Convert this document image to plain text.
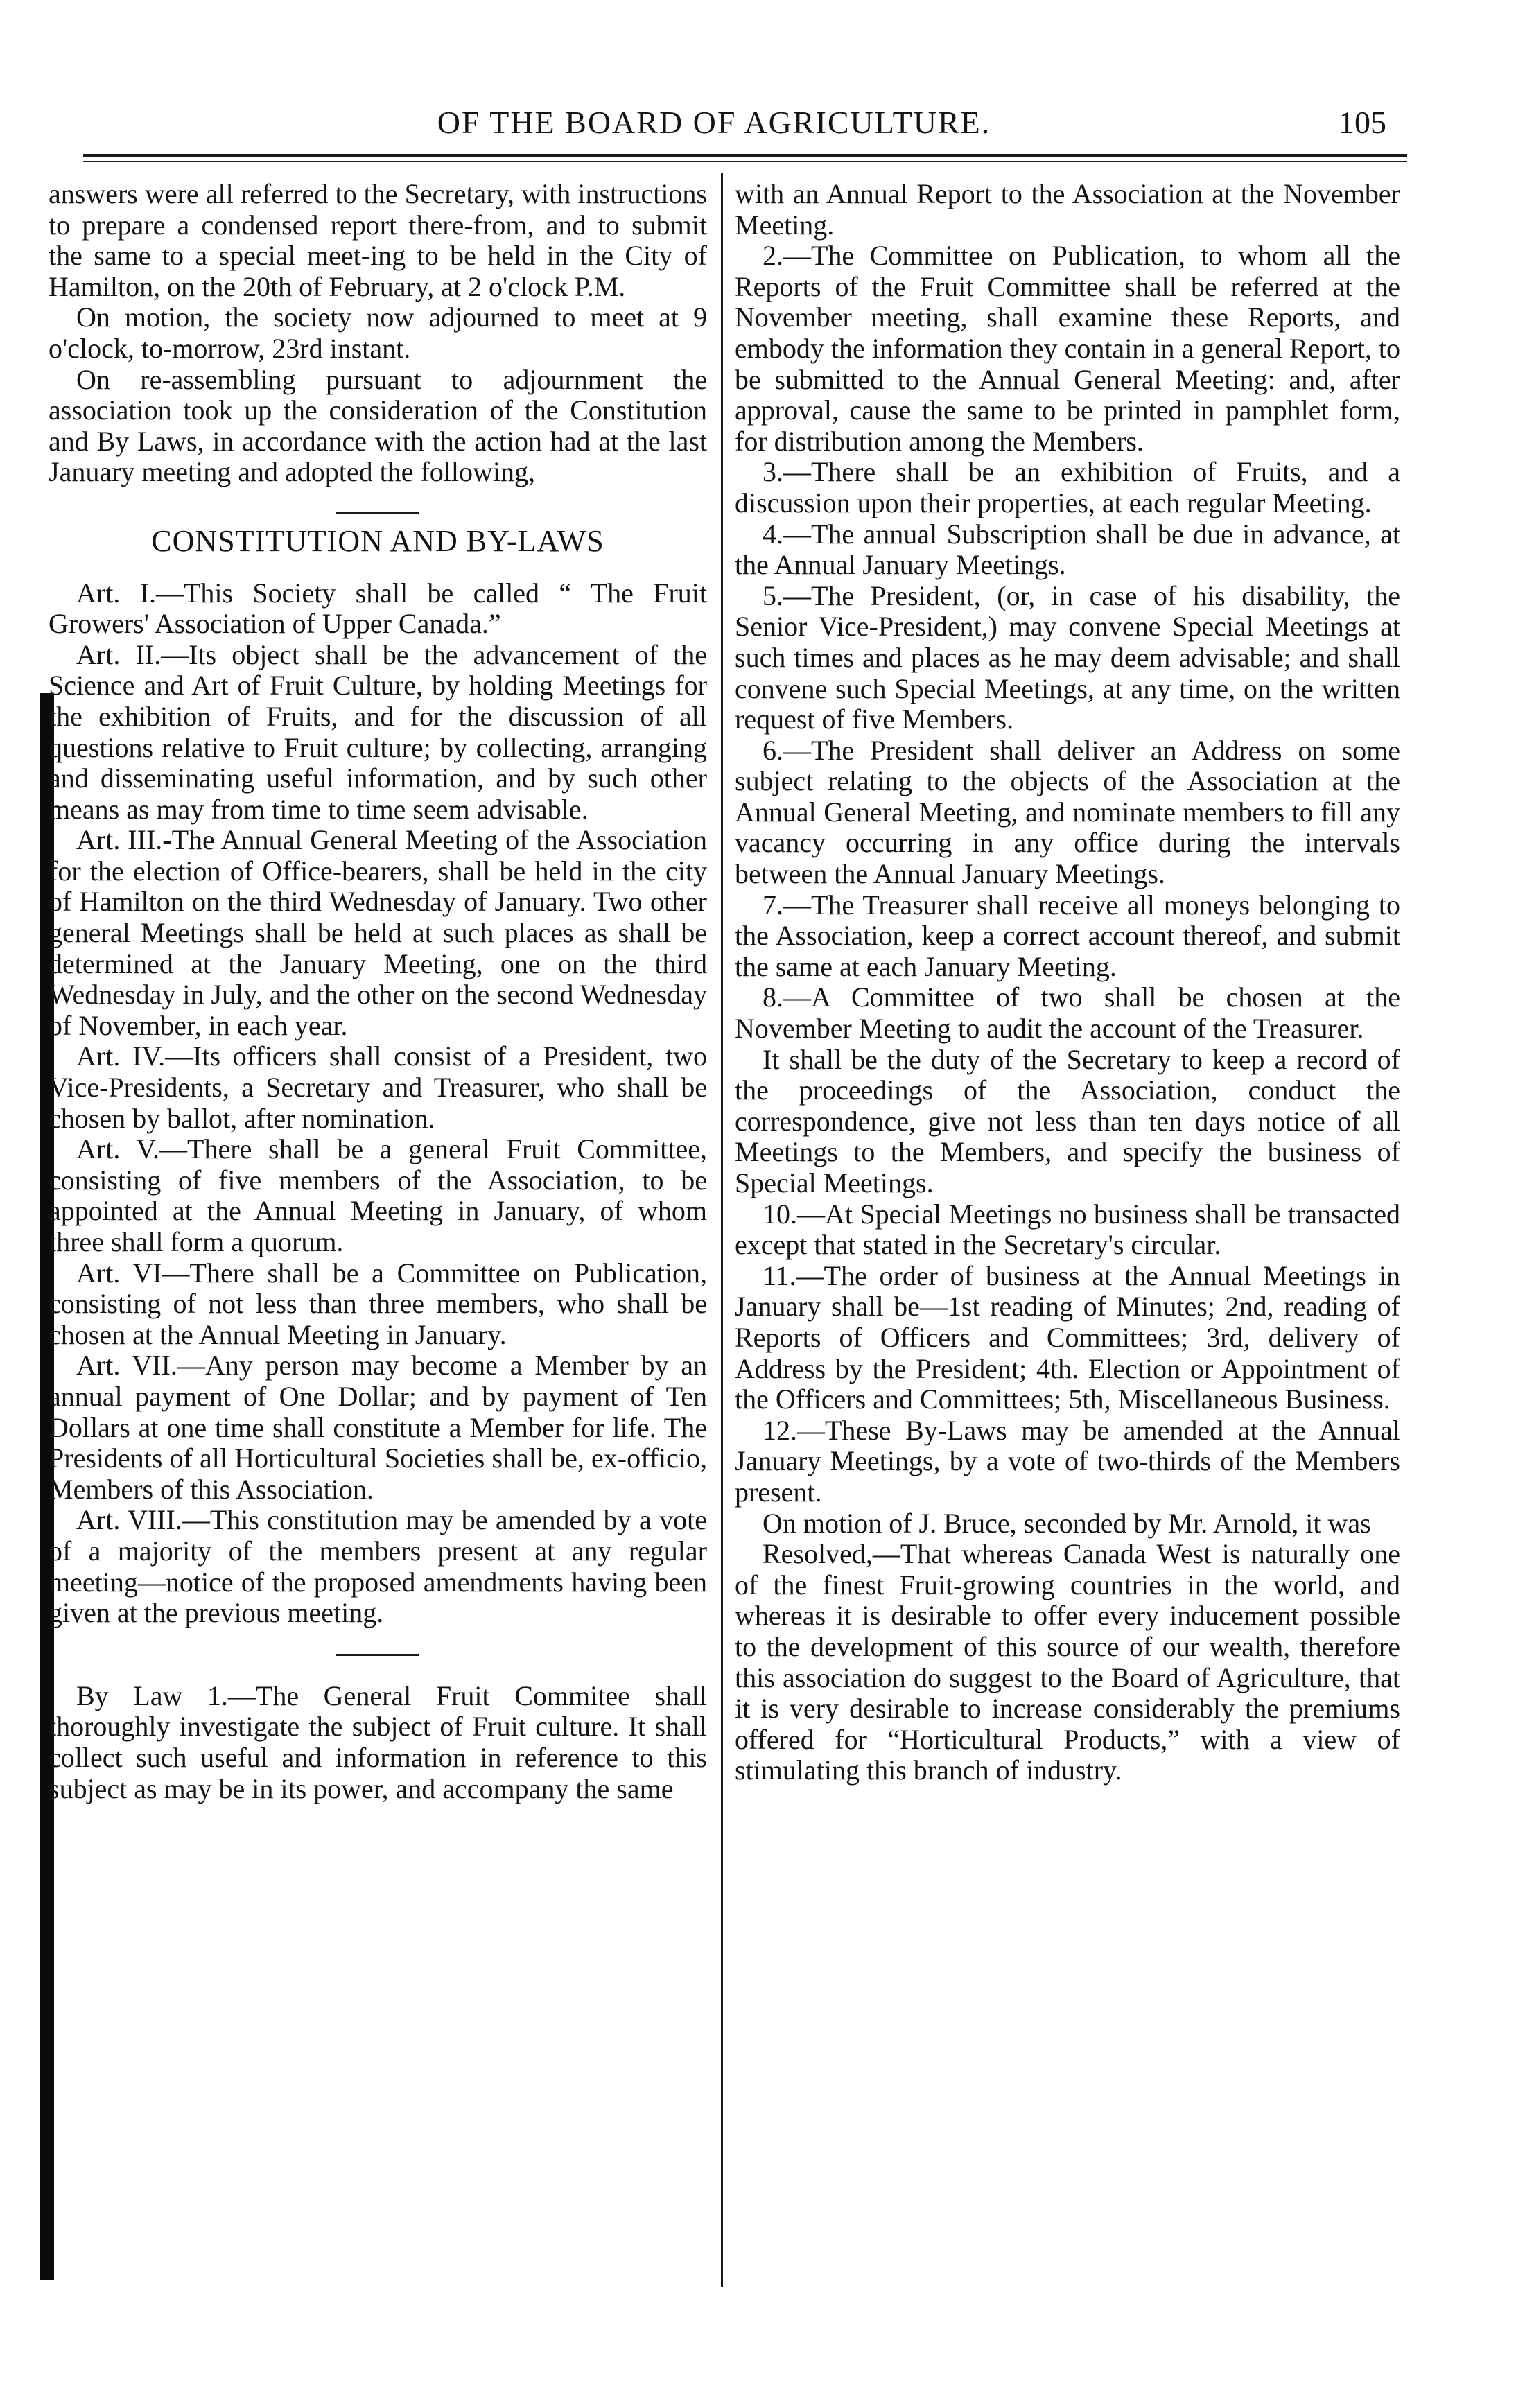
OF THE BOARD OF AGRICULTURE.	105

answers were all referred to the Secretary, with instructions to prepare a condensed report there-from, and to submit the same to a special meet-ing to be held in the City of Hamilton, on the 20th of February, at 2 o'clock P.M.

On motion, the society now adjourned to meet at 9 o'clock, to-morrow, 23rd instant.

On re-assembling pursuant to adjournment the association took up the consideration of the Constitution and By Laws, in accordance with the action had at the last January meeting and adopted the following,

CONSTITUTION AND BY-LAWS

Art. I.—This Society shall be called “ The Fruit Growers' Association of Upper Canada.”

Art. II.—Its object shall be the advancement of the Science and Art of Fruit Culture, by holding Meetings for the exhibition of Fruits, and for the discussion of all questions relative to Fruit culture; by collecting, arranging and disseminating useful information, and by such other means as may from time to time seem advisable.

Art. III.-The Annual General Meeting of the Association for the election of Office-bearers, shall be held in the city of Hamilton on the third Wednesday of January. Two other general Meetings shall be held at such places as shall be determined at the January Meeting, one on the third Wednesday in July, and the other on the second Wednesday of November, in each year.

Art. IV.—Its officers shall consist of a President, two Vice-Presidents, a Secretary and Treasurer, who shall be chosen by ballot, after nomination.

Art. V.—There shall be a general Fruit Committee, consisting of five members of the Association, to be appointed at the Annual Meeting in January, of whom three shall form a quorum.

Art. VI—There shall be a Committee on Publication, consisting of not less than three members, who shall be chosen at the Annual Meeting in January.

Art. VII.—Any person may become a Member by an annual payment of One Dollar; and by payment of Ten Dollars at one time shall constitute a Member for life. The Presidents of all Horticultural Societies shall be, ex-officio, Members of this Association.

Art. VIII.—This constitution may be amended by a vote of a majority of the members present at any regular meeting—notice of the proposed amendments having been given at the previous meeting.

By Law 1.—The General Fruit Commitee shall thoroughly investigate the subject of Fruit culture. It shall collect such useful and information in reference to this subject as may be in its power, and accompany the same

with an Annual Report to the Association at the November Meeting.

2.—The Committee on Publication, to whom all the Reports of the Fruit Committee shall be referred at the November meeting, shall examine these Reports, and embody the information they contain in a general Report, to be submitted to the Annual General Meeting: and, after approval, cause the same to be printed in pamphlet form, for distribution among the Members.

3.—There shall be an exhibition of Fruits, and a discussion upon their properties, at each regular Meeting.

4.—The annual Subscription shall be due in advance, at the Annual January Meetings.

5.—The President, (or, in case of his disability, the Senior Vice-President,) may convene Special Meetings at such times and places as he may deem advisable; and shall convene such Special Meetings, at any time, on the written request of five Members.

6.—The President shall deliver an Address on some subject relating to the objects of the Association at the Annual General Meeting, and nominate members to fill any vacancy occurring in any office during the intervals between the Annual January Meetings.

7.—The Treasurer shall receive all moneys belonging to the Association, keep a correct account thereof, and submit the same at each January Meeting.

8.—A Committee of two shall be chosen at the November Meeting to audit the account of the Treasurer.

It shall be the duty of the Secretary to keep a record of the proceedings of the Association, conduct the correspondence, give not less than ten days notice of all Meetings to the Members, and specify the business of Special Meetings.

10.—At Special Meetings no business shall be transacted except that stated in the Secretary's circular.

11.—The order of business at the Annual Meetings in January shall be—1st reading of Minutes; 2nd, reading of Reports of Officers and Committees; 3rd, delivery of Address by the President; 4th. Election or Appointment of the Officers and Committees; 5th, Miscellaneous Business.

12.—These By-Laws may be amended at the Annual January Meetings, by a vote of two-thirds of the Members present.

On motion of J. Bruce, seconded by Mr. Arnold, it was

Resolved,—That whereas Canada West is naturally one of the finest Fruit-growing countries in the world, and whereas it is desirable to offer every inducement possible to the development of this source of our wealth, therefore this association do suggest to the Board of Agriculture, that it is very desirable to increase considerably the premiums offered for “Horticultural Products,” with a view of stimulating this branch of industry.
